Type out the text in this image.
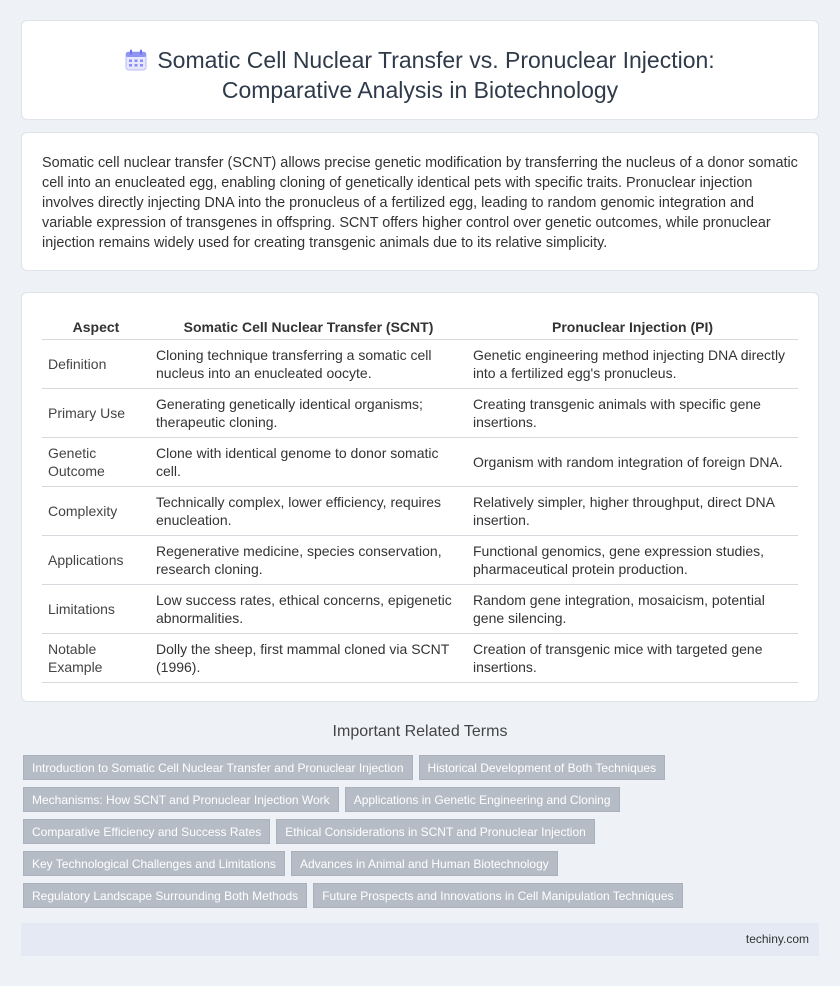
Somatic Cell Nuclear Transfer vs. Pronuclear Injection:
Comparative Analysis in Biotechnology

Somatic cell nuclear transfer (SCNT) allows precise genetic modification by transferring the nucleus of a donor somatic cell into an enucleated egg, enabling cloning of genetically identical pets with specific traits. Pronuclear injection involves directly injecting DNA into the pronucleus of a fertilized egg, leading to random genomic integration and variable expression of transgenes in offspring. SCNT offers higher control over genetic outcomes, while pronuclear injection remains widely used for creating transgenic animals due to its relative simplicity.

Aspect	Somatic Cell Nuclear Transfer (SCNT)	Pronuclear Injection (PI)
Definition	Cloning technique transferring a somatic cell nucleus into an enucleated oocyte.	Genetic engineering method injecting DNA directly into a fertilized egg's pronucleus.
Primary Use	Generating genetically identical organisms; therapeutic cloning.	Creating transgenic animals with specific gene insertions.
Genetic Outcome	Clone with identical genome to donor somatic cell.	Organism with random integration of foreign DNA.
Complexity	Technically complex, lower efficiency, requires enucleation.	Relatively simpler, higher throughput, direct DNA insertion.
Applications	Regenerative medicine, species conservation, research cloning.	Functional genomics, gene expression studies, pharmaceutical protein production.
Limitations	Low success rates, ethical concerns, epigenetic abnormalities.	Random gene integration, mosaicism, potential gene silencing.
Notable Example	Dolly the sheep, first mammal cloned via SCNT (1996).	Creation of transgenic mice with targeted gene insertions.
Important Related Terms
Introduction to Somatic Cell Nuclear Transfer and Pronuclear Injection Historical Development of Both Techniques
Mechanisms: How SCNT and Pronuclear Injection Work Applications in Genetic Engineering and Cloning
Comparative Efficiency and Success Rates Ethical Considerations in SCNT and Pronuclear Injection
Key Technological Challenges and Limitations Advances in Animal and Human Biotechnology
Regulatory Landscape Surrounding Both Methods Future Prospects and Innovations in Cell Manipulation Techniques
techiny.com
